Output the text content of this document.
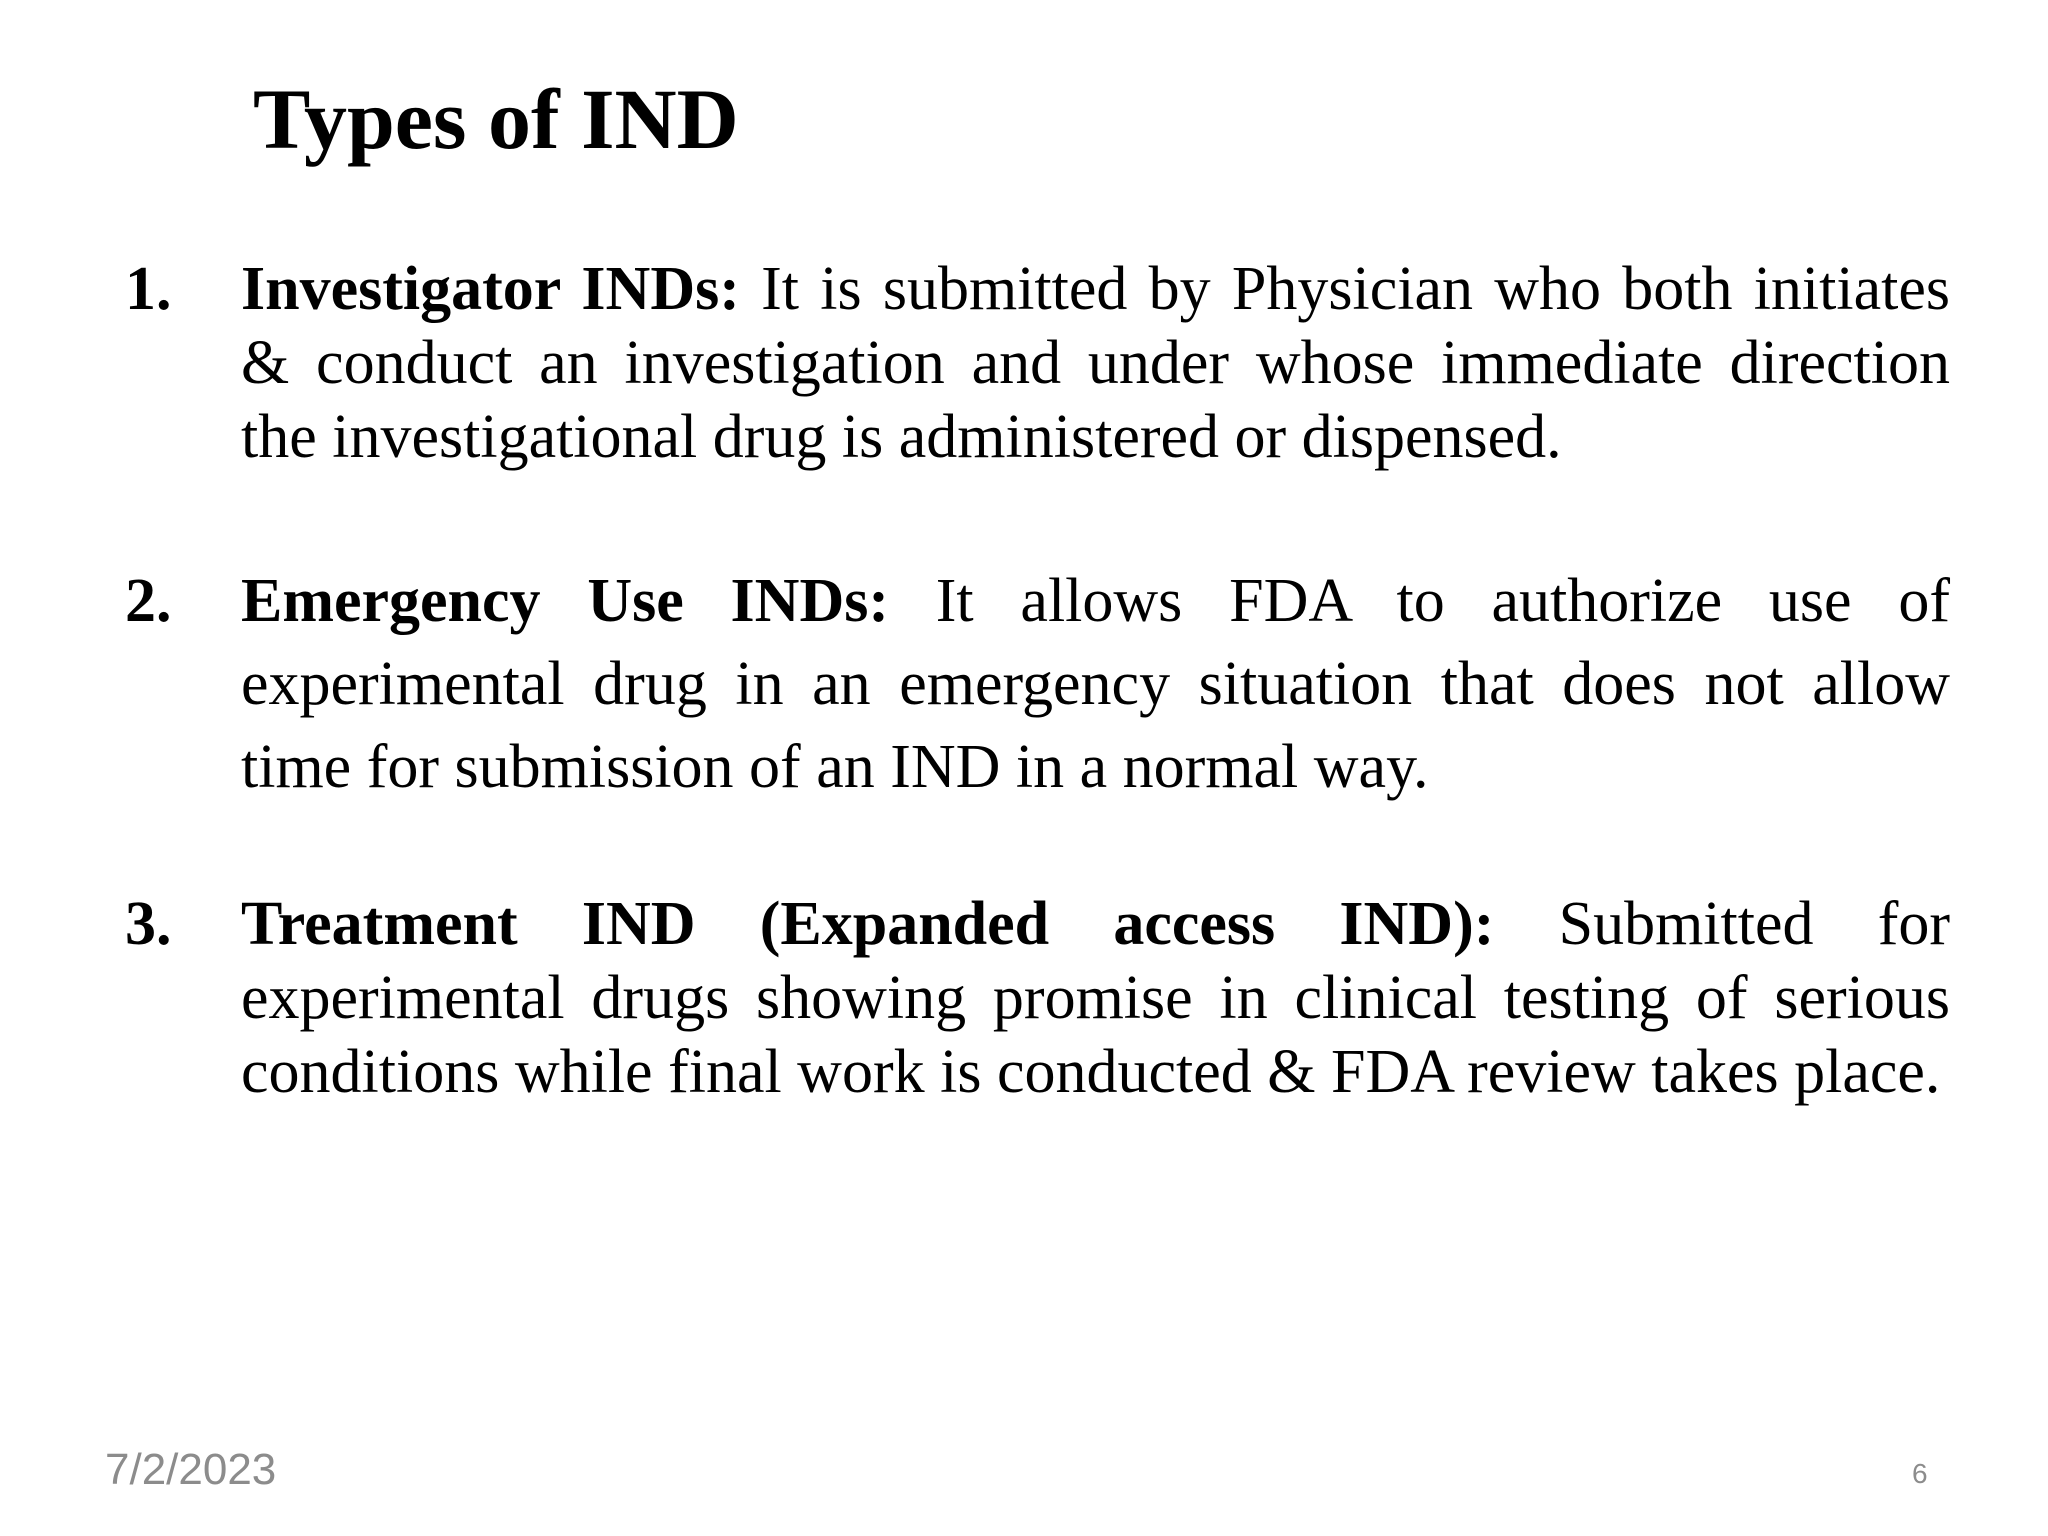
Types of IND
1. Investigator INDs: It is submitted by Physician who both initiates & conduct an investigation and under whose immediate direction the investigational drug is administered or dispensed.
2. Emergency Use INDs: It allows FDA to authorize use of experimental drug in an emergency situation that does not allow time for submission of an IND in a normal way.
3. Treatment IND (Expanded access IND): Submitted for experimental drugs showing promise in clinical testing of serious conditions while final work is conducted & FDA review takes place.
7/2/2023	6
